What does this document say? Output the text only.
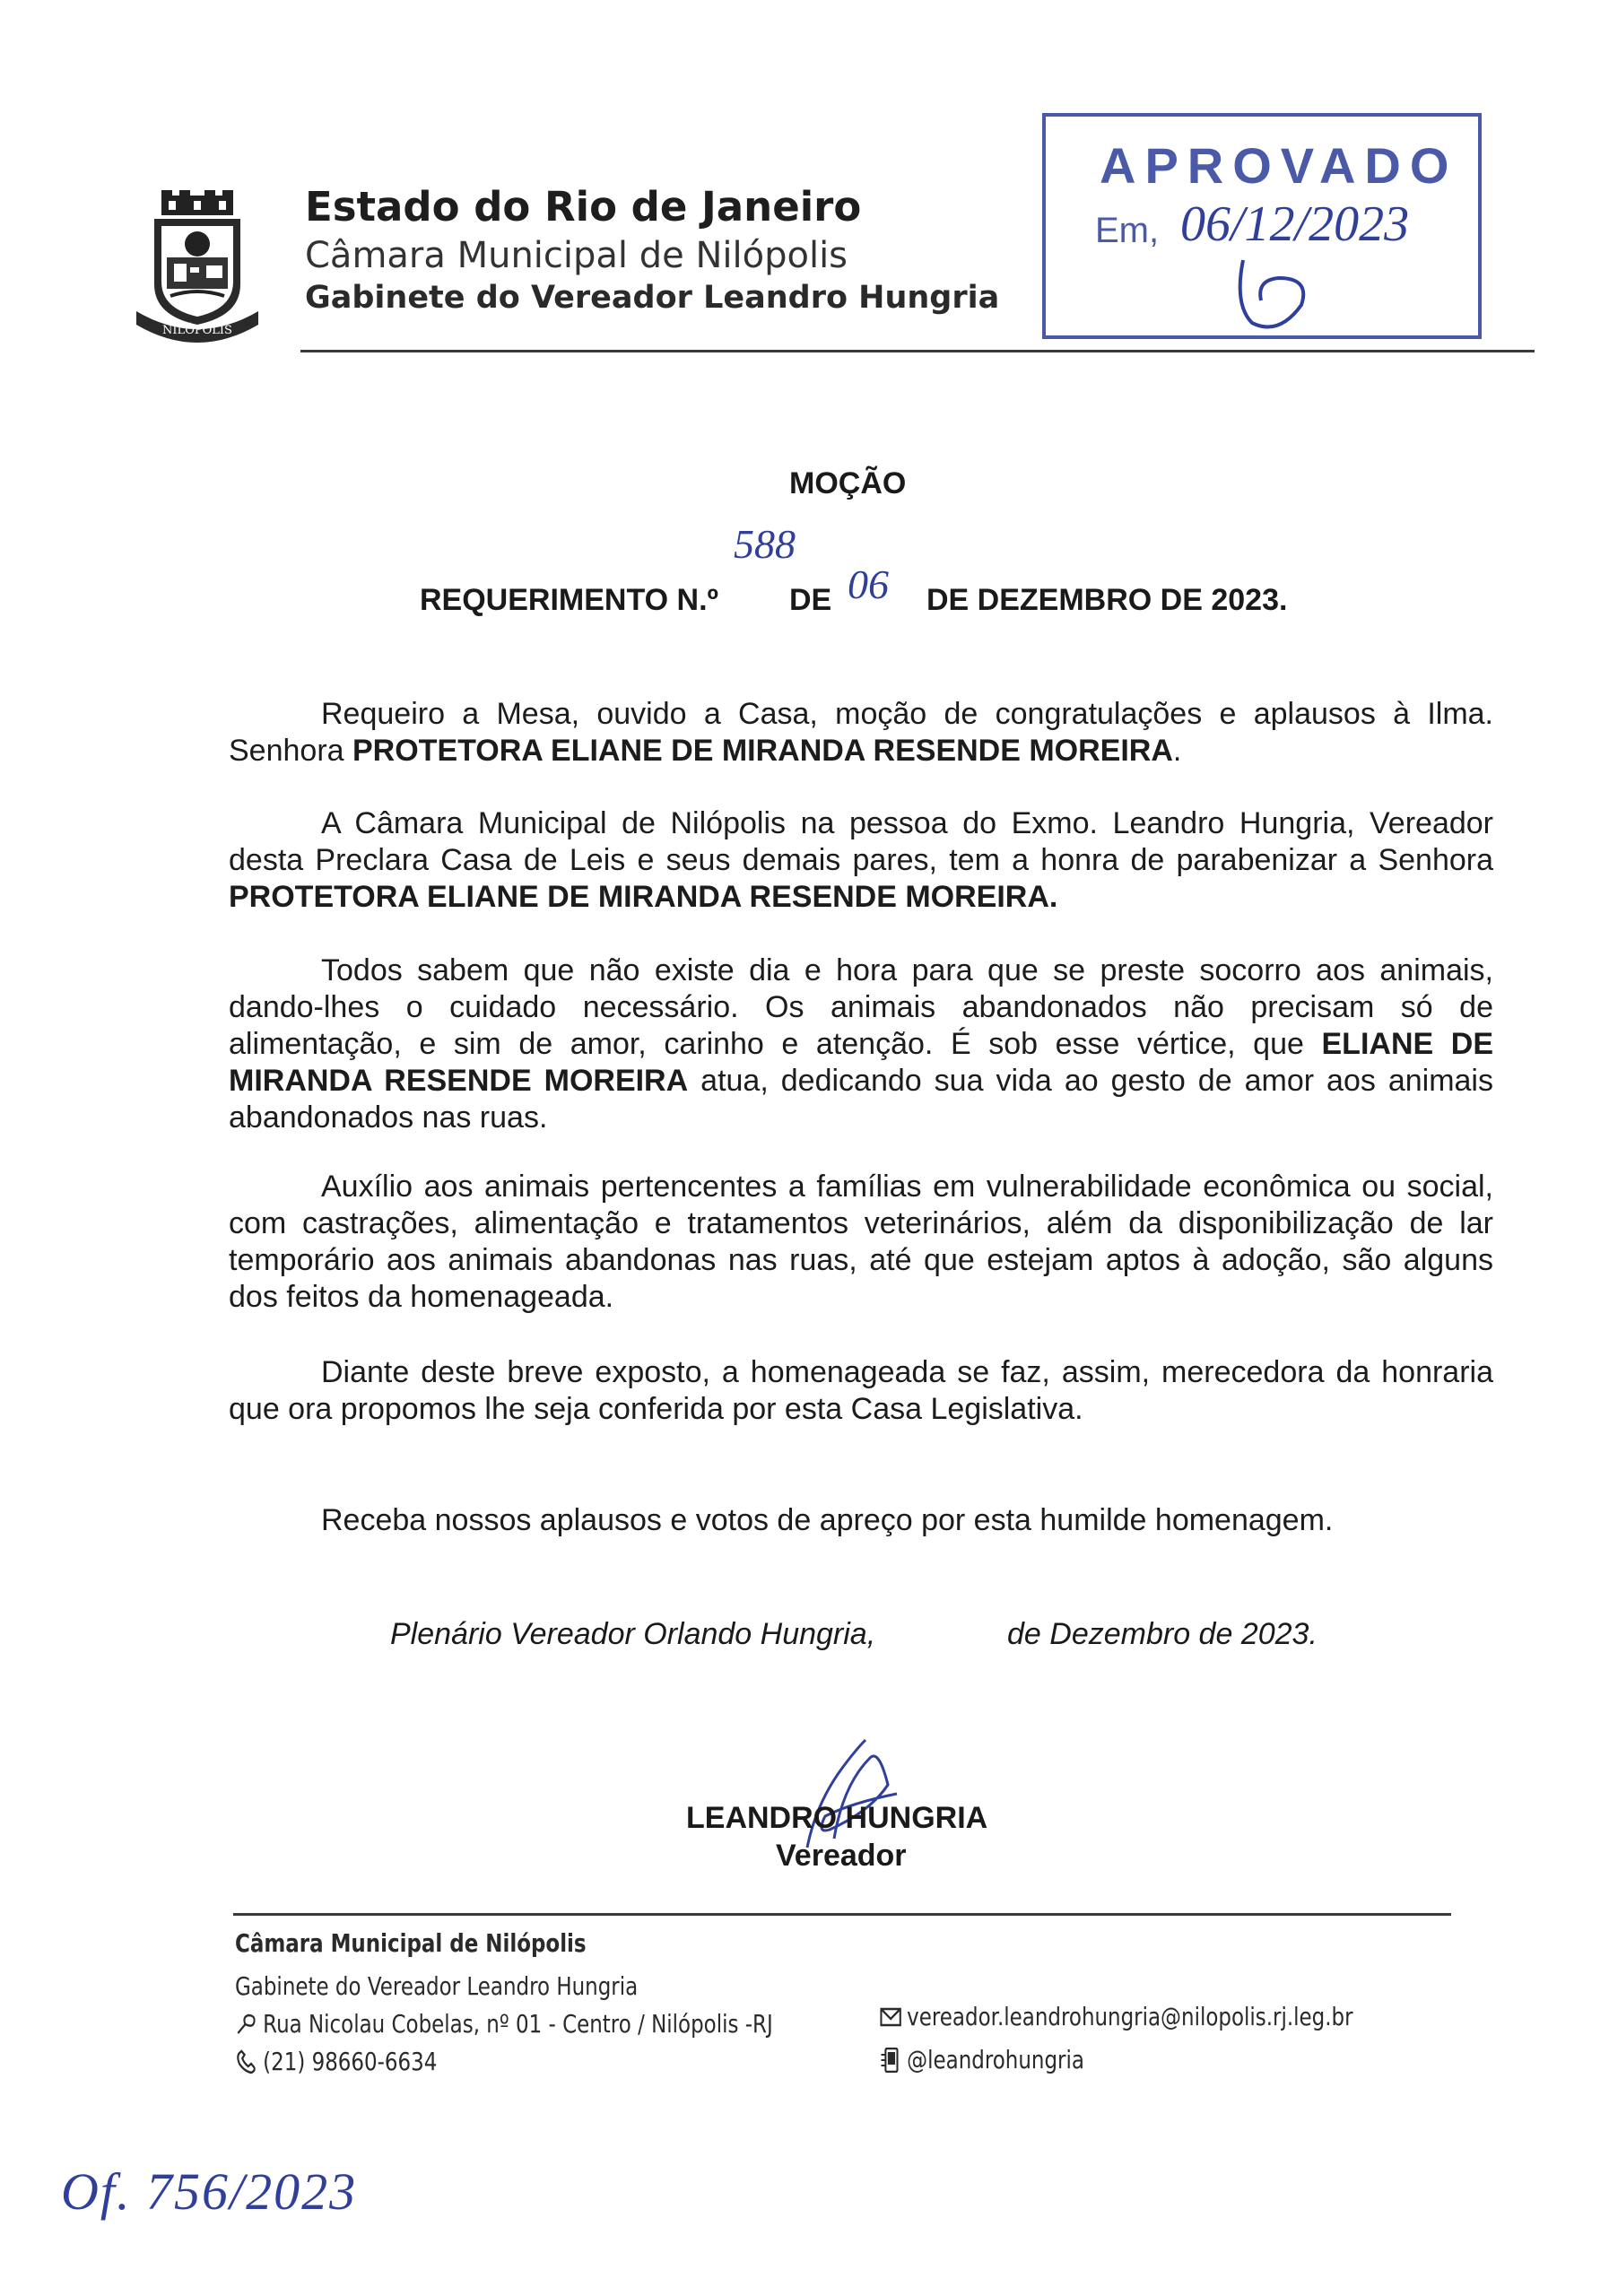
NILÓPOLIS
Estado do Rio de Janeiro
Câmara Municipal de Nilópolis
Gabinete do Vereador Leandro Hungria
APROVADO
Em, 06/12/2023
MOÇÃO
588
REQUERIMENTO N.º DE 06 DE DEZEMBRO DE 2023.
Requeiro a Mesa, ouvido a Casa, moção de congratulações e aplausos à Ilma. Senhora PROTETORA ELIANE DE MIRANDA RESENDE MOREIRA.
A Câmara Municipal de Nilópolis na pessoa do Exmo. Leandro Hungria, Vereador desta Preclara Casa de Leis e seus demais pares, tem a honra de parabenizar a Senhora PROTETORA ELIANE DE MIRANDA RESENDE MOREIRA.
Todos sabem que não existe dia e hora para que se preste socorro aos animais, dando-lhes o cuidado necessário. Os animais abandonados não precisam só de alimentação, e sim de amor, carinho e atenção. É sob esse vértice, que ELIANE DE MIRANDA RESENDE MOREIRA atua, dedicando sua vida ao gesto de amor aos animais abandonados nas ruas.
Auxílio aos animais pertencentes a famílias em vulnerabilidade econômica ou social, com castrações, alimentação e tratamentos veterinários, além da disponibilização de lar temporário aos animais abandonas nas ruas, até que estejam aptos à adoção, são alguns dos feitos da homenageada.
Diante deste breve exposto, a homenageada se faz, assim, merecedora da honraria que ora propomos lhe seja conferida por esta Casa Legislativa.
Receba nossos aplausos e votos de apreço por esta humilde homenagem.
Plenário Vereador Orlando Hungria,	de Dezembro de 2023.
LEANDRO HUNGRIA
Vereador
Câmara Municipal de Nilópolis
Gabinete do Vereador Leandro Hungria
Rua Nicolau Cobelas, nº 01 - Centro / Nilópolis -RJ
(21) 98660-6634
vereador.leandrohungria@nilopolis.rj.leg.br
@leandrohungria
Of. 756/2023
